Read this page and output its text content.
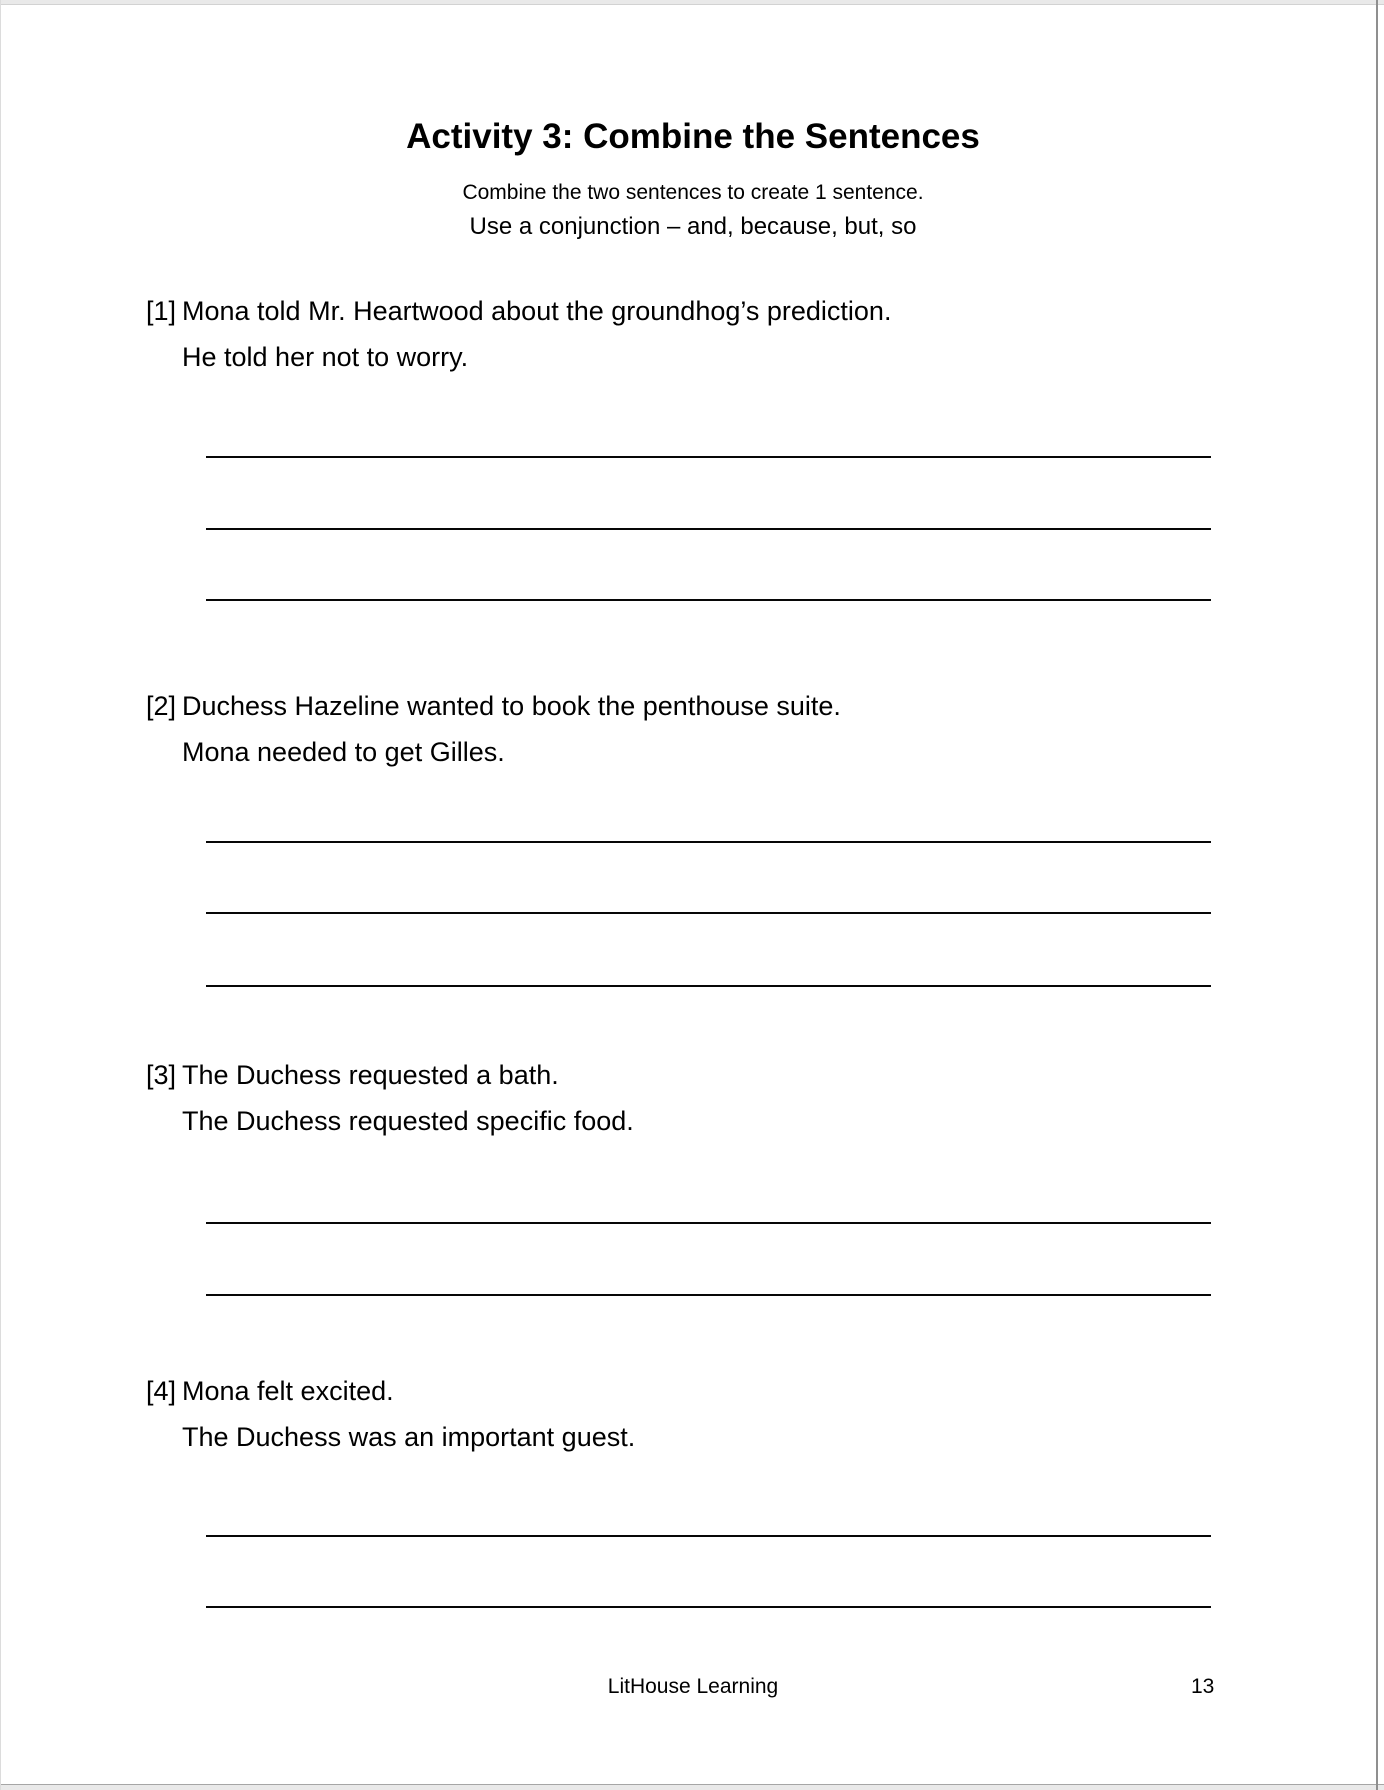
Activity 3: Combine the Sentences
Combine the two sentences to create 1 sentence.
Use a conjunction – and, because, but, so
[1] Mona told Mr. Heartwood about the groundhog’s prediction.
He told her not to worry.
[2] Duchess Hazeline wanted to book the penthouse suite.
Mona needed to get Gilles.
[3] The Duchess requested a bath.
The Duchess requested specific food.
[4] Mona felt excited.
The Duchess was an important guest.
LitHouse Learning	13
